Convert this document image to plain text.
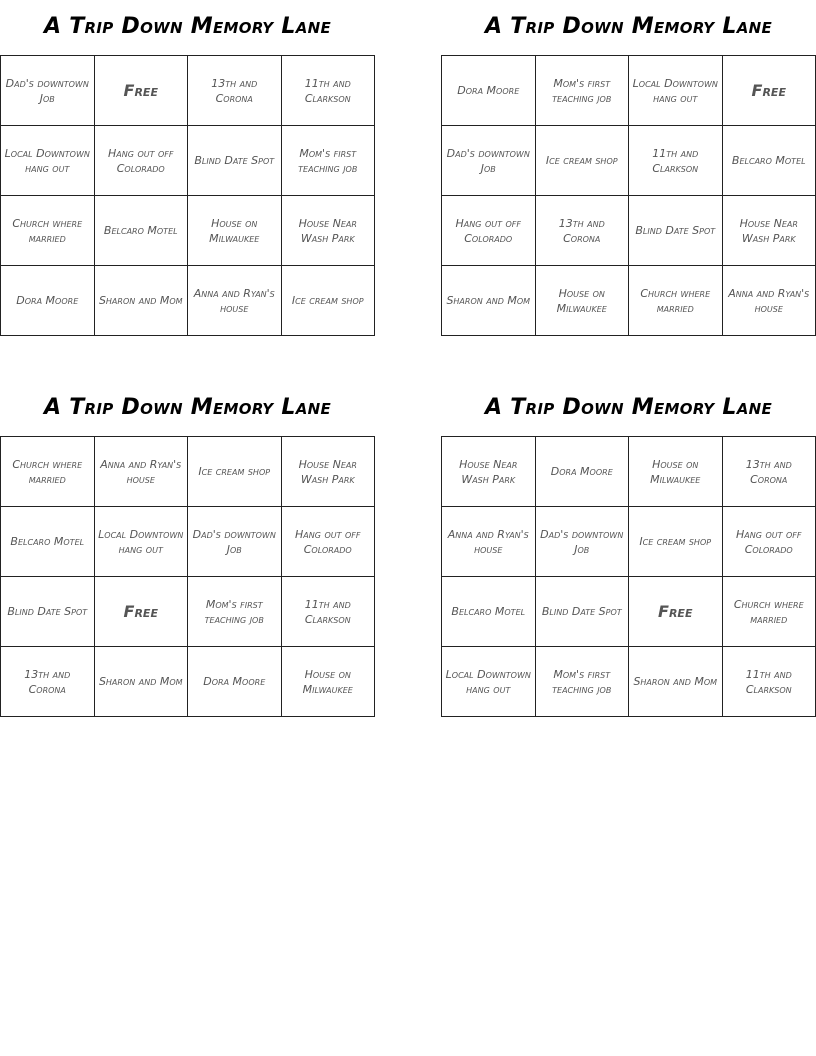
A Trip Down Memory Lane
Dad's downtown Job	Free	13th and Corona	11th and Clarkson
Local Downtown hang out	Hang out off Colorado	Blind Date Spot	Mom's first teaching job
Church where married	Belcaro Motel	House on Milwaukee	House Near Wash Park
Dora Moore	Sharon and Mom	Anna and Ryan's house	Ice cream shop
A Trip Down Memory Lane
Dora Moore	Mom's first teaching job	Local Downtown hang out	Free
Dad's downtown Job	Ice cream shop	11th and Clarkson	Belcaro Motel
Hang out off Colorado	13th and Corona	Blind Date Spot	House Near Wash Park
Sharon and Mom	House on Milwaukee	Church where married	Anna and Ryan's house
A Trip Down Memory Lane
Church where married	Anna and Ryan's house	Ice cream shop	House Near Wash Park
Belcaro Motel	Local Downtown hang out	Dad's downtown Job	Hang out off Colorado
Blind Date Spot	Free	Mom's first teaching job	11th and Clarkson
13th and Corona	Sharon and Mom	Dora Moore	House on Milwaukee
A Trip Down Memory Lane
House Near Wash Park	Dora Moore	House on Milwaukee	13th and Corona
Anna and Ryan's house	Dad's downtown Job	Ice cream shop	Hang out off Colorado
Belcaro Motel	Blind Date Spot	Free	Church where married
Local Downtown hang out	Mom's first teaching job	Sharon and Mom	11th and Clarkson
